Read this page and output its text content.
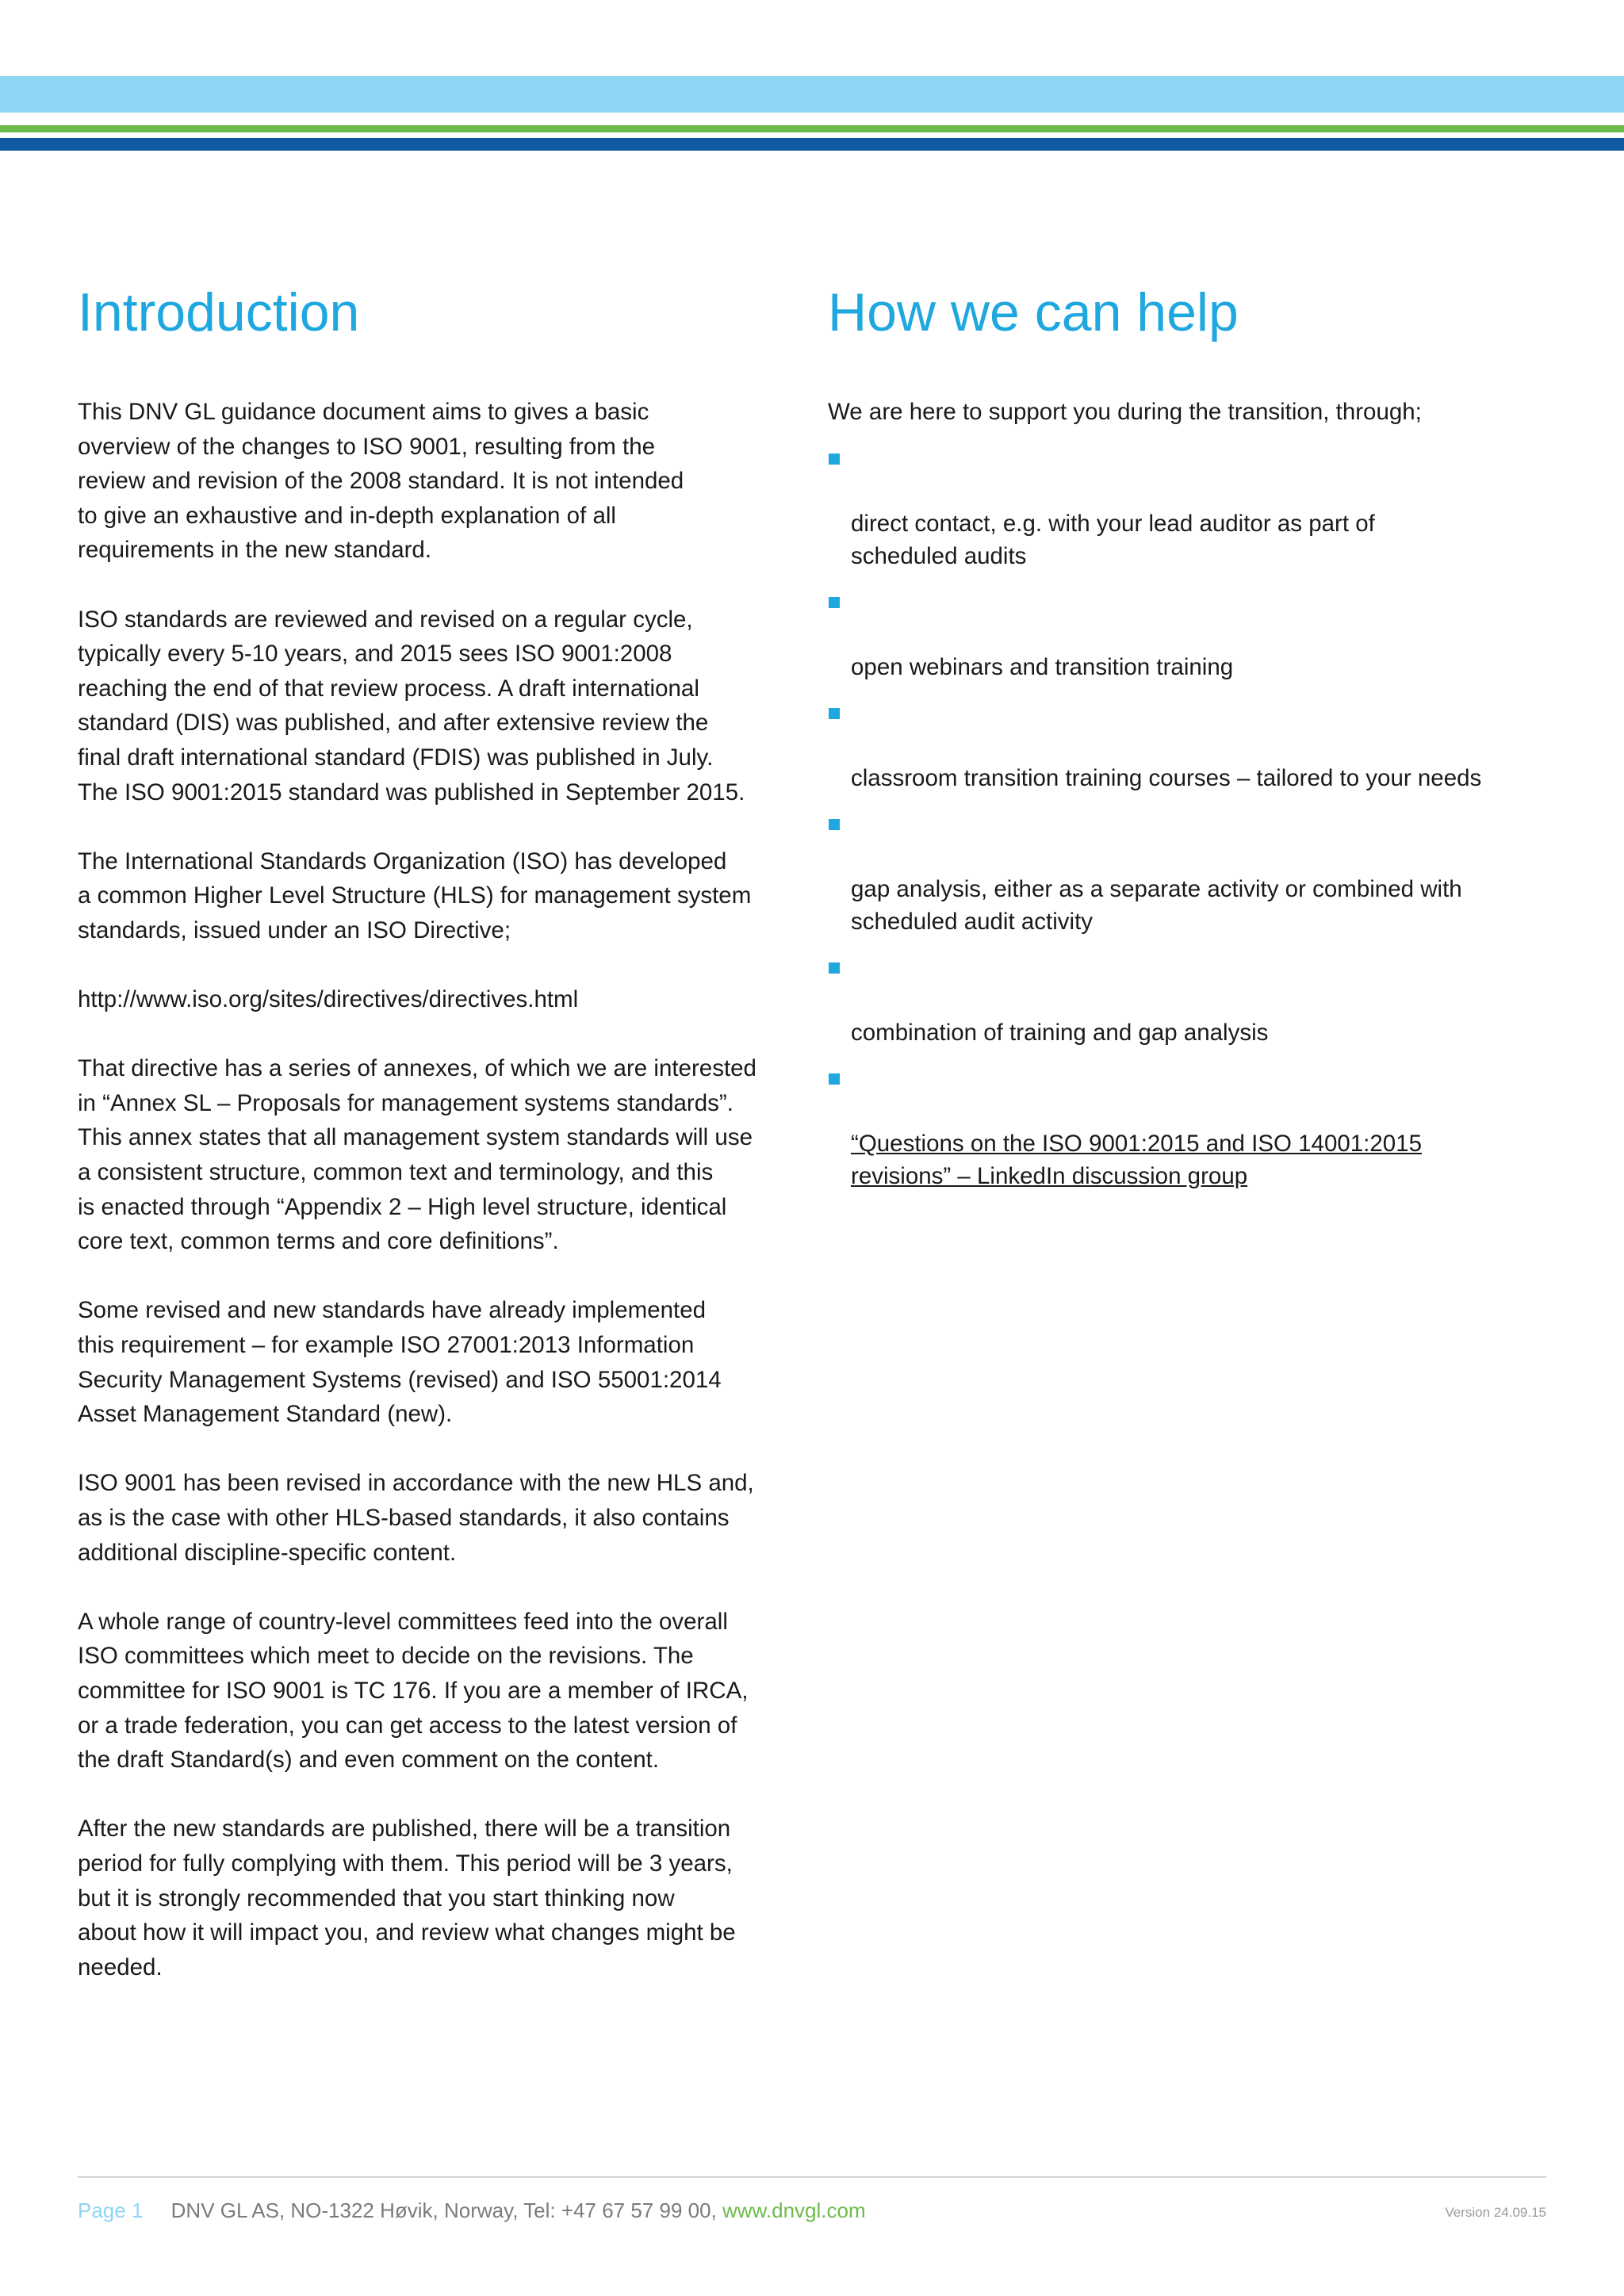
Introduction

This DNV GL guidance document aims to gives a basic
overview of the changes to ISO 9001, resulting from the
review and revision of the 2008 standard. It is not intended
to give an exhaustive and in-depth explanation of all
requirements in the new standard.

ISO standards are reviewed and revised on a regular cycle,
typically every 5-10 years, and 2015 sees ISO 9001:2008
reaching the end of that review process. A draft international
standard (DIS) was published, and after extensive review the
final draft international standard (FDIS) was published in July.
The ISO 9001:2015 standard was published in September 2015.

The International Standards Organization (ISO) has developed
a common Higher Level Structure (HLS) for management system
standards, issued under an ISO Directive;

http://www.iso.org/sites/directives/directives.html

That directive has a series of annexes, of which we are interested
in “Annex SL – Proposals for management systems standards”.
This annex states that all management system standards will use
a consistent structure, common text and terminology, and this
is enacted through “Appendix 2 – High level structure, identical
core text, common terms and core definitions”.

Some revised and new standards have already implemented
this requirement – for example ISO 27001:2013 Information
Security Management Systems (revised) and ISO 55001:2014
Asset Management Standard (new).

ISO 9001 has been revised in accordance with the new HLS and,
as is the case with other HLS-based standards, it also contains
additional discipline-specific content.

A whole range of country-level committees feed into the overall
ISO committees which meet to decide on the revisions. The
committee for ISO 9001 is TC 176. If you are a member of IRCA,
or a trade federation, you can get access to the latest version of
the draft Standard(s) and even comment on the content.

After the new standards are published, there will be a transition
period for fully complying with them. This period will be 3 years,
but it is strongly recommended that you start thinking now
about how it will impact you, and review what changes might be
needed.

How we can help

We are here to support you during the transition, through;

direct contact, e.g. with your lead auditor as part of
scheduled audits

open webinars and transition training

classroom transition training courses – tailored to your needs

gap analysis, either as a separate activity or combined with
scheduled audit activity

combination of training and gap analysis

“Questions on the ISO 9001:2015 and ISO 14001:2015
revisions” – LinkedIn discussion group

Page 1 DNV GL AS, NO-1322 Høvik, Norway, Tel: +47 67 57 99 00, www.dnvgl.com	Version 24.09.15
